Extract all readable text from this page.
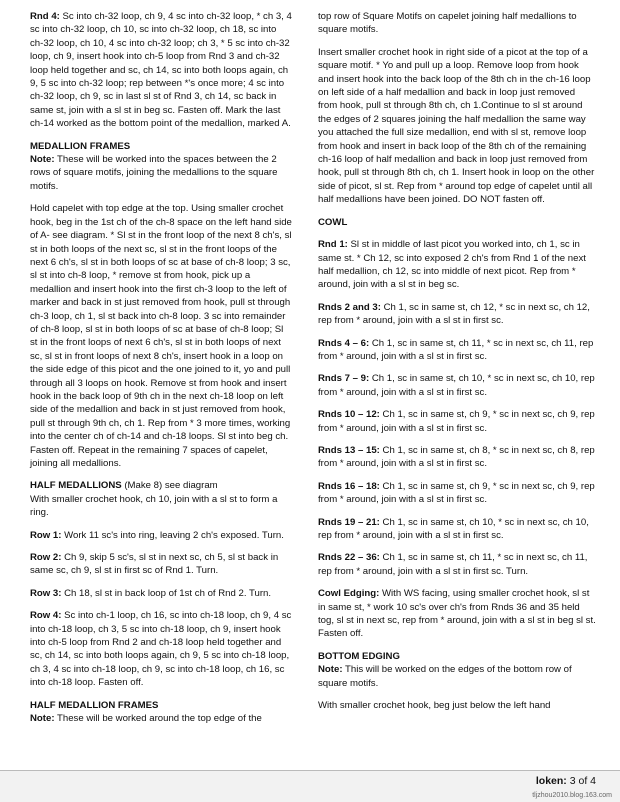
Rnd 4: Sc into ch-32 loop, ch 9, 4 sc into ch-32 loop, * ch 3, 4 sc into ch-32 loop, ch 10, sc into ch-32 loop, ch 18, sc into ch-32 loop, ch 10, 4 sc into ch-32 loop; ch 3, * 5 sc into ch-32 loop, ch 9, insert hook into ch-5 loop from Rnd 3 and ch-32 loop held together and sc, ch 14, sc into both loops again, ch 9, 5 sc into ch-32 loop; rep between *'s once more; 4 sc into ch-32 loop, ch 9, sc in last sl st of Rnd 3, ch 14, sc back in same st, join with a sl st in beg sc. Fasten off. Mark the last ch-14 worked as the bottom point of the medallion, marked A.

MEDALLION FRAMES

Note: These will be worked into the spaces between the 2 rows of square motifs, joining the medallions to the square motifs.

Hold capelet with top edge at the top. Using smaller crochet hook, beg in the 1st ch of the ch-8 space on the left hand side of A- see diagram. * Sl st in the front loop of the next 8 ch's, sl st in both loops of the next sc, sl st in the front loops of the next 6 ch's, sl st in both loops of sc at base of ch-8 loop; 3 sc, sl st into ch-8 loop, * remove st from hook, pick up a medallion and insert hook into the first ch-3 loop to the left of marker and back in st just removed from hook, pull st through ch-3 loop, ch 1, sl st back into ch-8 loop. 3 sc into remainder of ch-8 loop, sl st in both loops of sc at base of ch-8 loop; Sl st in the front loops of next 6 ch's, sl st in both loops of next sc, sl st in front loops of next 8 ch's, insert hook in a loop on the side edge of this picot and the one joined to it, yo and pull through all 3 loops on hook. Remove st from hook and insert hook in the back loop of 9th ch in the next ch-18 loop on left side of the medallion and back in st just removed from hook, pull st through 9th ch, ch 1. Rep from * 3 more times, working into the center ch of ch-14 and ch-18 loops. Sl st into beg ch. Fasten off. Repeat in the remaining 7 spaces of capelet, joining all medallions.

HALF MEDALLIONS (Make 8) see diagram

With smaller crochet hook, ch 10, join with a sl st to form a ring.

Row 1: Work 11 sc's into ring, leaving 2 ch's exposed. Turn.

Row 2: Ch 9, skip 5 sc's, sl st in next sc, ch 5, sl st back in same sc, ch 9, sl st in first sc of Rnd 1. Turn.

Row 3: Ch 18, sl st in back loop of 1st ch of Rnd 2. Turn.

Row 4: Sc into ch-1 loop, ch 16, sc into ch-18 loop, ch 9, 4 sc into ch-18 loop, ch 3, 5 sc into ch-18 loop, ch 9, insert hook into ch-5 loop from Rnd 2 and ch-18 loop held together and sc, ch 14, sc into both loops again, ch 9, 5 sc into ch-18 loop, ch 3, 4 sc into ch-18 loop, ch 9, sc into ch-18 loop, ch 16, sc into ch-18 loop. Fasten off.

HALF MEDALLION FRAMES

Note: These will be worked around the top edge of the

top row of Square Motifs on capelet joining half medallions to square motifs.

Insert smaller crochet hook in right side of a picot at the top of a square motif. * Yo and pull up a loop. Remove loop from hook and insert hook into the back loop of the 8th ch in the ch-16 loop on left side of a half medallion and back in loop just removed from hook, pull st through 8th ch, ch 1.Continue to sl st around the edges of 2 squares joining the half medallion the same way you attached the full size medallion, end with sl st, remove loop from hook and insert in back loop of the 8th ch of the remaining ch-16 loop of half medallion and back in loop just removed from hook, pull st through 8th ch, ch 1. Insert hook in loop on the other side of picot, sl st. Rep from * around top edge of capelet until all half medallions have been joined. DO NOT fasten off.

COWL

Rnd 1: Sl st in middle of last picot you worked into, ch 1, sc in same st. * Ch 12, sc into exposed 2 ch's from Rnd 1 of the next half medallion, ch 12, sc into middle of next picot. Rep from * around, join with a sl st in beg sc.

Rnds 2 and 3: Ch 1, sc in same st, ch 12, * sc in next sc, ch 12, rep from * around, join with a sl st in first sc.

Rnds 4 – 6: Ch 1, sc in same st, ch 11, * sc in next sc, ch 11, rep from * around, join with a sl st in first sc.

Rnds 7 – 9: Ch 1, sc in same st, ch 10, * sc in next sc, ch 10, rep from * around, join with a sl st in first sc.

Rnds 10 – 12: Ch 1, sc in same st, ch 9, * sc in next sc, ch 9, rep from * around, join with a sl st in first sc.

Rnds 13 – 15: Ch 1, sc in same st, ch 8, * sc in next sc, ch 8, rep from * around, join with a sl st in first sc.

Rnds 16 – 18: Ch 1, sc in same st, ch 9, * sc in next sc, ch 9, rep from * around, join with a sl st in first sc.

Rnds 19 – 21: Ch 1, sc in same st, ch 10, * sc in next sc, ch 10, rep from * around, join with a sl st in first sc.

Rnds 22 – 36: Ch 1, sc in same st, ch 11, * sc in next sc, ch 11, rep from * around, join with a sl st in first sc. Turn.

Cowl Edging: With WS facing, using smaller crochet hook, sl st in same st, * work 10 sc's over ch's from Rnds 36 and 35 held tog, sl st in next sc, rep from * around, join with a sl st in beg sl st. Fasten off.

BOTTOM EDGING

Note: This will be worked on the edges of the bottom row of square motifs.

With smaller crochet hook, beg just below the left hand

loken: 3 of 4
tljzhou2010.blog.163.com
